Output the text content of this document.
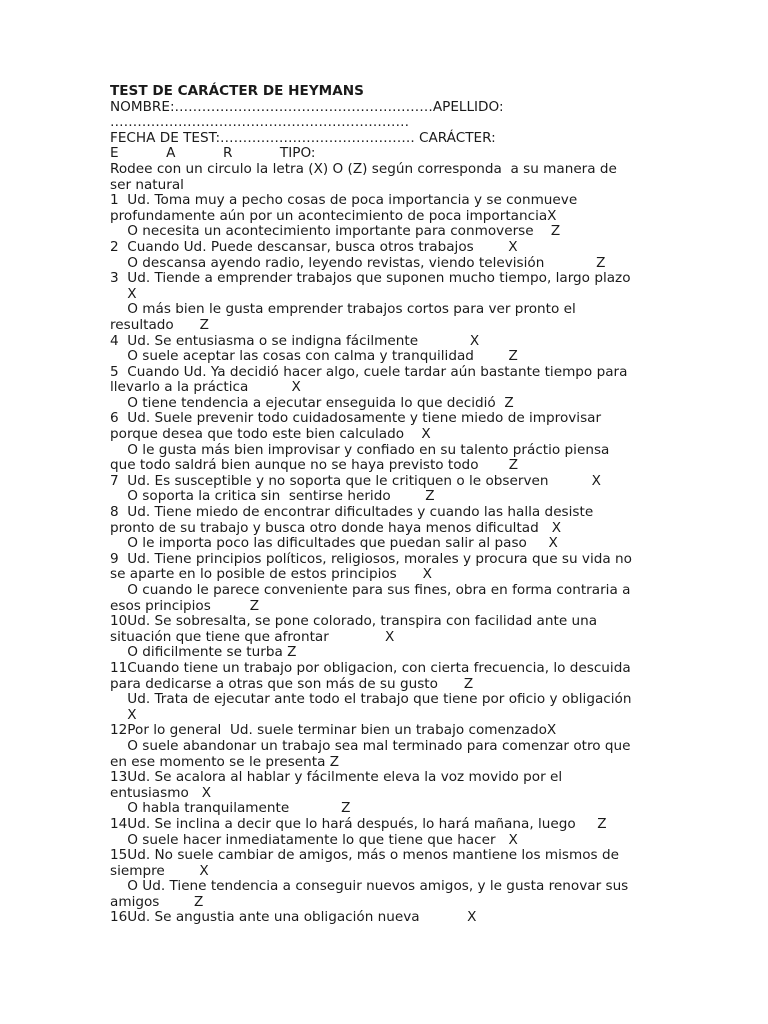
TEST DE CARÁCTER DE HEYMANS
NOMBRE:…………………………………………………APELLIDO:
…………………………………………………………
FECHA DE TEST:……………………………………. CARÁCTER:
E           A           R           TIPO:
Rodee con un circulo la letra (X) O (Z) según corresponda  a su manera de
ser natural
1  Ud. Toma muy a pecho cosas de poca importancia y se conmueve
profundamente aún por un acontecimiento de poca importanciaX
O necesita un acontecimiento importante para conmoverse    Z
2  Cuando Ud. Puede descansar, busca otros trabajos        X
O descansa ayendo radio, leyendo revistas, viendo televisión            Z
3  Ud. Tiende a emprender trabajos que suponen mucho tiempo, largo plazo
X
O más bien le gusta emprender trabajos cortos para ver pronto el
resultado      Z
4  Ud. Se entusiasma o se indigna fácilmente            X
O suele aceptar las cosas con calma y tranquilidad        Z
5  Cuando Ud. Ya decidió hacer algo, cuele tardar aún bastante tiempo para
llevarlo a la práctica          X
O tiene tendencia a ejecutar enseguida lo que decidió  Z
6  Ud. Suele prevenir todo cuidadosamente y tiene miedo de improvisar
porque desea que todo este bien calculado    X
O le gusta más bien improvisar y confiado en su talento práctio piensa
que todo saldrá bien aunque no se haya previsto todo       Z
7  Ud. Es susceptible y no soporta que le critiquen o le observen          X
O soporta la critica sin  sentirse herido        Z
8  Ud. Tiene miedo de encontrar dificultades y cuando las halla desiste
pronto de su trabajo y busca otro donde haya menos dificultad   X
O le importa poco las dificultades que puedan salir al paso     X
9  Ud. Tiene principios políticos, religiosos, morales y procura que su vida no
se aparte en lo posible de estos principios      X
O cuando le parece conveniente para sus fines, obra en forma contraria a
esos principios         Z
10Ud. Se sobresalta, se pone colorado, transpira con facilidad ante una
situación que tiene que afrontar             X
O dificilmente se turba Z
11Cuando tiene un trabajo por obligacion, con cierta frecuencia, lo descuida
para dedicarse a otras que son más de su gusto      Z
Ud. Trata de ejecutar ante todo el trabajo que tiene por oficio y obligación
X
12Por lo general  Ud. suele terminar bien un trabajo comenzadoX
O suele abandonar un trabajo sea mal terminado para comenzar otro que
en ese momento se le presenta Z
13Ud. Se acalora al hablar y fácilmente eleva la voz movido por el
entusiasmo   X
O habla tranquilamente            Z
14Ud. Se inclina a decir que lo hará después, lo hará mañana, luego     Z
O suele hacer inmediatamente lo que tiene que hacer   X
15Ud. No suele cambiar de amigos, más o menos mantiene los mismos de
siempre        X
O Ud. Tiene tendencia a conseguir nuevos amigos, y le gusta renovar sus
amigos        Z
16Ud. Se angustia ante una obligación nueva           X
